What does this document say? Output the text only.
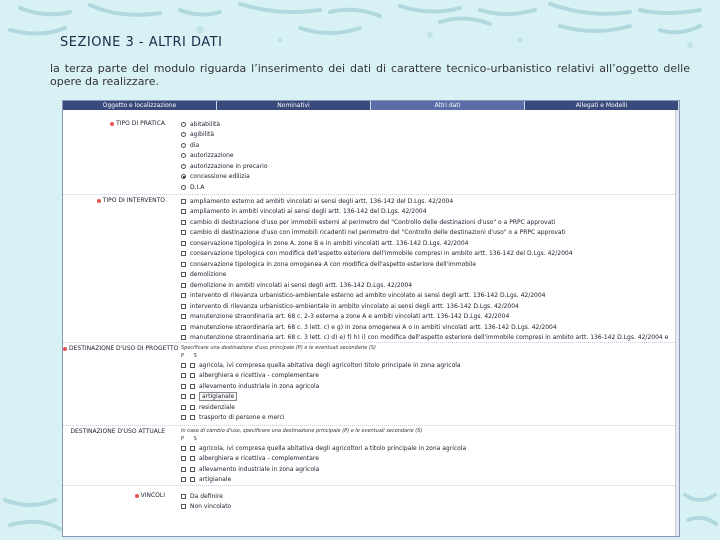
SEZIONE 3 - ALTRI DATI
la terza parte del modulo riguarda l’inserimento dei dati di carattere tecnico-urbanistico relativi all’oggetto delle opere da realizzare.
Oggetto e localizzazione	Nominativi	Altri dati	Allegati e Modelli
TIPO DI PRATICA	abitabilità
agibilità
dia
autorizzazione
autorizzazione in precario
concessione edilizia
D.I.A
TIPO DI INTERVENTO	ampliamento esterno ad ambiti vincolati ai sensi degli artt. 136-142 del D.Lgs. 42/2004
ampliamento in ambiti vincolati ai sensi degli artt. 136-142 del D.Lgs. 42/2004
cambio di destinazione d'uso per immobili esterni al perimetro del "Controllo delle destinazioni d'uso" o a PRPC approvati
cambio di destinazione d'uso con immobili ricadenti nel perimetro del "Controllo delle destinazioni d'uso" o a PRPC approvati
conservazione tipologica in zone A, zone B e in ambiti vincolati artt. 136-142 D.Lgs. 42/2004
conservazione tipologica con modifica dell'aspetto esteriore dell'immobile compresi in ambito artt. 136-142 del D.Lgs. 42/2004
conservazione tipologica in zona omogenea A con modifica dell'aspetto esteriore dell'immobile
demolizione
demolizione in ambiti vincolati ai sensi degli artt. 136-142 D.Lgs. 42/2004
intervento di rilevanza urbanistico-ambientale esterno ad ambito vincolato ai sensi degli artt. 136-142 D.Lgs. 42/2004
intervento di rilevanza urbanistico-ambientale in ambito vincolato ai sensi degli artt. 136-142 D.Lgs. 42/2004
manutenzione straordinaria art. 68 c. 2-3 esterna a zone A e ambiti vincolati artt. 136-142 D.Lgs. 42/2004
manutenzione straordinaria art. 68 c. 3 lett. c) e g) in zona omogenea A o in ambiti vincolati artt. 136-142 D.Lgs. 42/2004
manutenzione straordinaria art. 68 c. 3 lett. c) d) e) f) h) i) con modifica dell'aspetto esteriore dell'immobile compresi in ambito artt. 136-142 D.Lgs. 42/2004 e
DESTINAZIONE D'USO DI PROGETTO Specificare una destinazione d'uso principale (P) e le eventuali secondarie (S)
P S
agricola, ivi compresa quella abitativa degli agricoltori titolo principale in zona agricola
alberghiera e ricettiva - complementare
allevamento industriale in zona agricola
artigianale
residenziale
trasporto di persone e merci
DESTINAZIONE D'USO ATTUALE	In caso di cambio d'uso, specificare una destinazione principale (P) e le eventuali secondarie (S)
P S
agricola, ivi compresa quella abitativa degli agricoltori a titolo principale in zona agricola
alberghiera e ricettiva - complementare
allevamento industriale in zona agricola
artigianale
VINCOLI	Da definire
Non vincolato
